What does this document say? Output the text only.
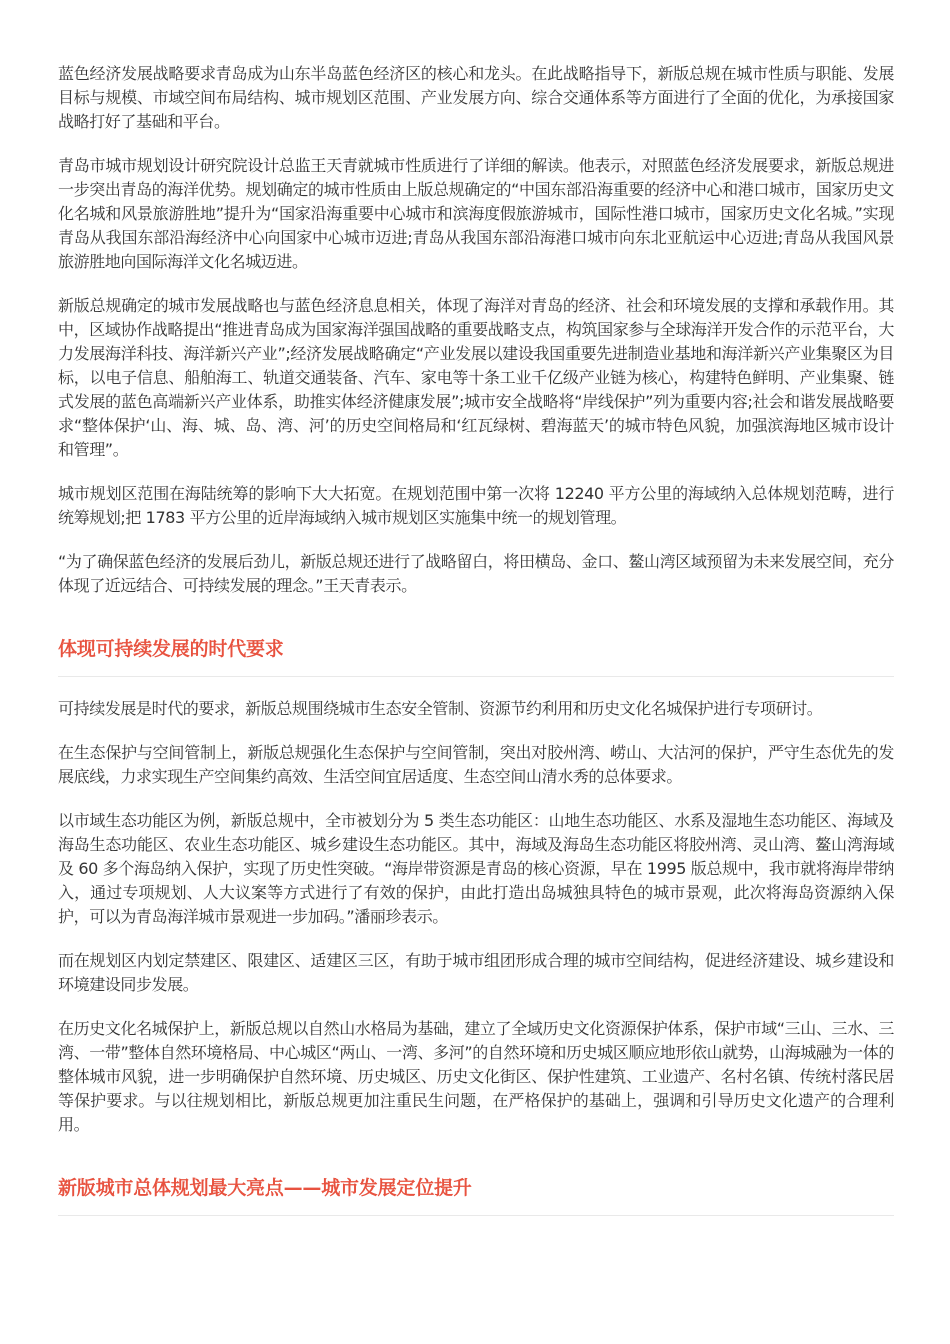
蓝色经济发展战略要求青岛成为山东半岛蓝色经济区的核心和龙头。在此战略指导下，新版总规在城市性质与职能、发展目标与规模、市域空间布局结构、城市规划区范围、产业发展方向、综合交通体系等方面进行了全面的优化，为承接国家战略打好了基础和平台。

青岛市城市规划设计研究院设计总监王天青就城市性质进行了详细的解读。他表示，对照蓝色经济发展要求，新版总规进一步突出青岛的海洋优势。规划确定的城市性质由上版总规确定的“中国东部沿海重要的经济中心和港口城市，国家历史文化名城和风景旅游胜地”提升为“国家沿海重要中心城市和滨海度假旅游城市，国际性港口城市，国家历史文化名城。”实现青岛从我国东部沿海经济中心向国家中心城市迈进;青岛从我国东部沿海港口城市向东北亚航运中心迈进;青岛从我国风景旅游胜地向国际海洋文化名城迈进。

新版总规确定的城市发展战略也与蓝色经济息息相关，体现了海洋对青岛的经济、社会和环境发展的支撑和承载作用。其中，区域协作战略提出“推进青岛成为国家海洋强国战略的重要战略支点，构筑国家参与全球海洋开发合作的示范平台，大力发展海洋科技、海洋新兴产业”;经济发展战略确定“产业发展以建设我国重要先进制造业基地和海洋新兴产业集聚区为目标，以电子信息、船舶海工、轨道交通装备、汽车、家电等十条工业千亿级产业链为核心，构建特色鲜明、产业集聚、链式发展的蓝色高端新兴产业体系，助推实体经济健康发展”;城市安全战略将“岸线保护”列为重要内容;社会和谐发展战略要求“整体保护‘山、海、城、岛、湾、河’的历史空间格局和‘红瓦绿树、碧海蓝天’的城市特色风貌，加强滨海地区城市设计和管理”。

城市规划区范围在海陆统筹的影响下大大拓宽。在规划范围中第一次将 12240 平方公里的海域纳入总体规划范畴，进行统筹规划;把 1783 平方公里的近岸海域纳入城市规划区实施集中统一的规划管理。

“为了确保蓝色经济的发展后劲儿，新版总规还进行了战略留白，将田横岛、金口、鳌山湾区域预留为未来发展空间，充分体现了近远结合、可持续发展的理念。”王天青表示。

体现可持续发展的时代要求

可持续发展是时代的要求，新版总规围绕城市生态安全管制、资源节约利用和历史文化名城保护进行专项研讨。

在生态保护与空间管制上，新版总规强化生态保护与空间管制，突出对胶州湾、崂山、大沽河的保护，严守生态优先的发展底线，力求实现生产空间集约高效、生活空间宜居适度、生态空间山清水秀的总体要求。

以市域生态功能区为例，新版总规中，全市被划分为 5 类生态功能区：山地生态功能区、水系及湿地生态功能区、海域及海岛生态功能区、农业生态功能区、城乡建设生态功能区。其中，海域及海岛生态功能区将胶州湾、灵山湾、鳌山湾海域及 60 多个海岛纳入保护，实现了历史性突破。“海岸带资源是青岛的核心资源，早在 1995 版总规中，我市就将海岸带纳入，通过专项规划、人大议案等方式进行了有效的保护，由此打造出岛城独具特色的城市景观，此次将海岛资源纳入保护，可以为青岛海洋城市景观进一步加码。”潘丽珍表示。

而在规划区内划定禁建区、限建区、适建区三区，有助于城市组团形成合理的城市空间结构，促进经济建设、城乡建设和环境建设同步发展。

在历史文化名城保护上，新版总规以自然山水格局为基础，建立了全域历史文化资源保护体系，保护市域“三山、三水、三湾、一带”整体自然环境格局、中心城区“两山、一湾、多河”的自然环境和历史城区顺应地形依山就势，山海城融为一体的整体城市风貌，进一步明确保护自然环境、历史城区、历史文化街区、保护性建筑、工业遗产、名村名镇、传统村落民居等保护要求。与以往规划相比，新版总规更加注重民生问题，在严格保护的基础上，强调和引导历史文化遗产的合理利用。

新版城市总体规划最大亮点——城市发展定位提升
